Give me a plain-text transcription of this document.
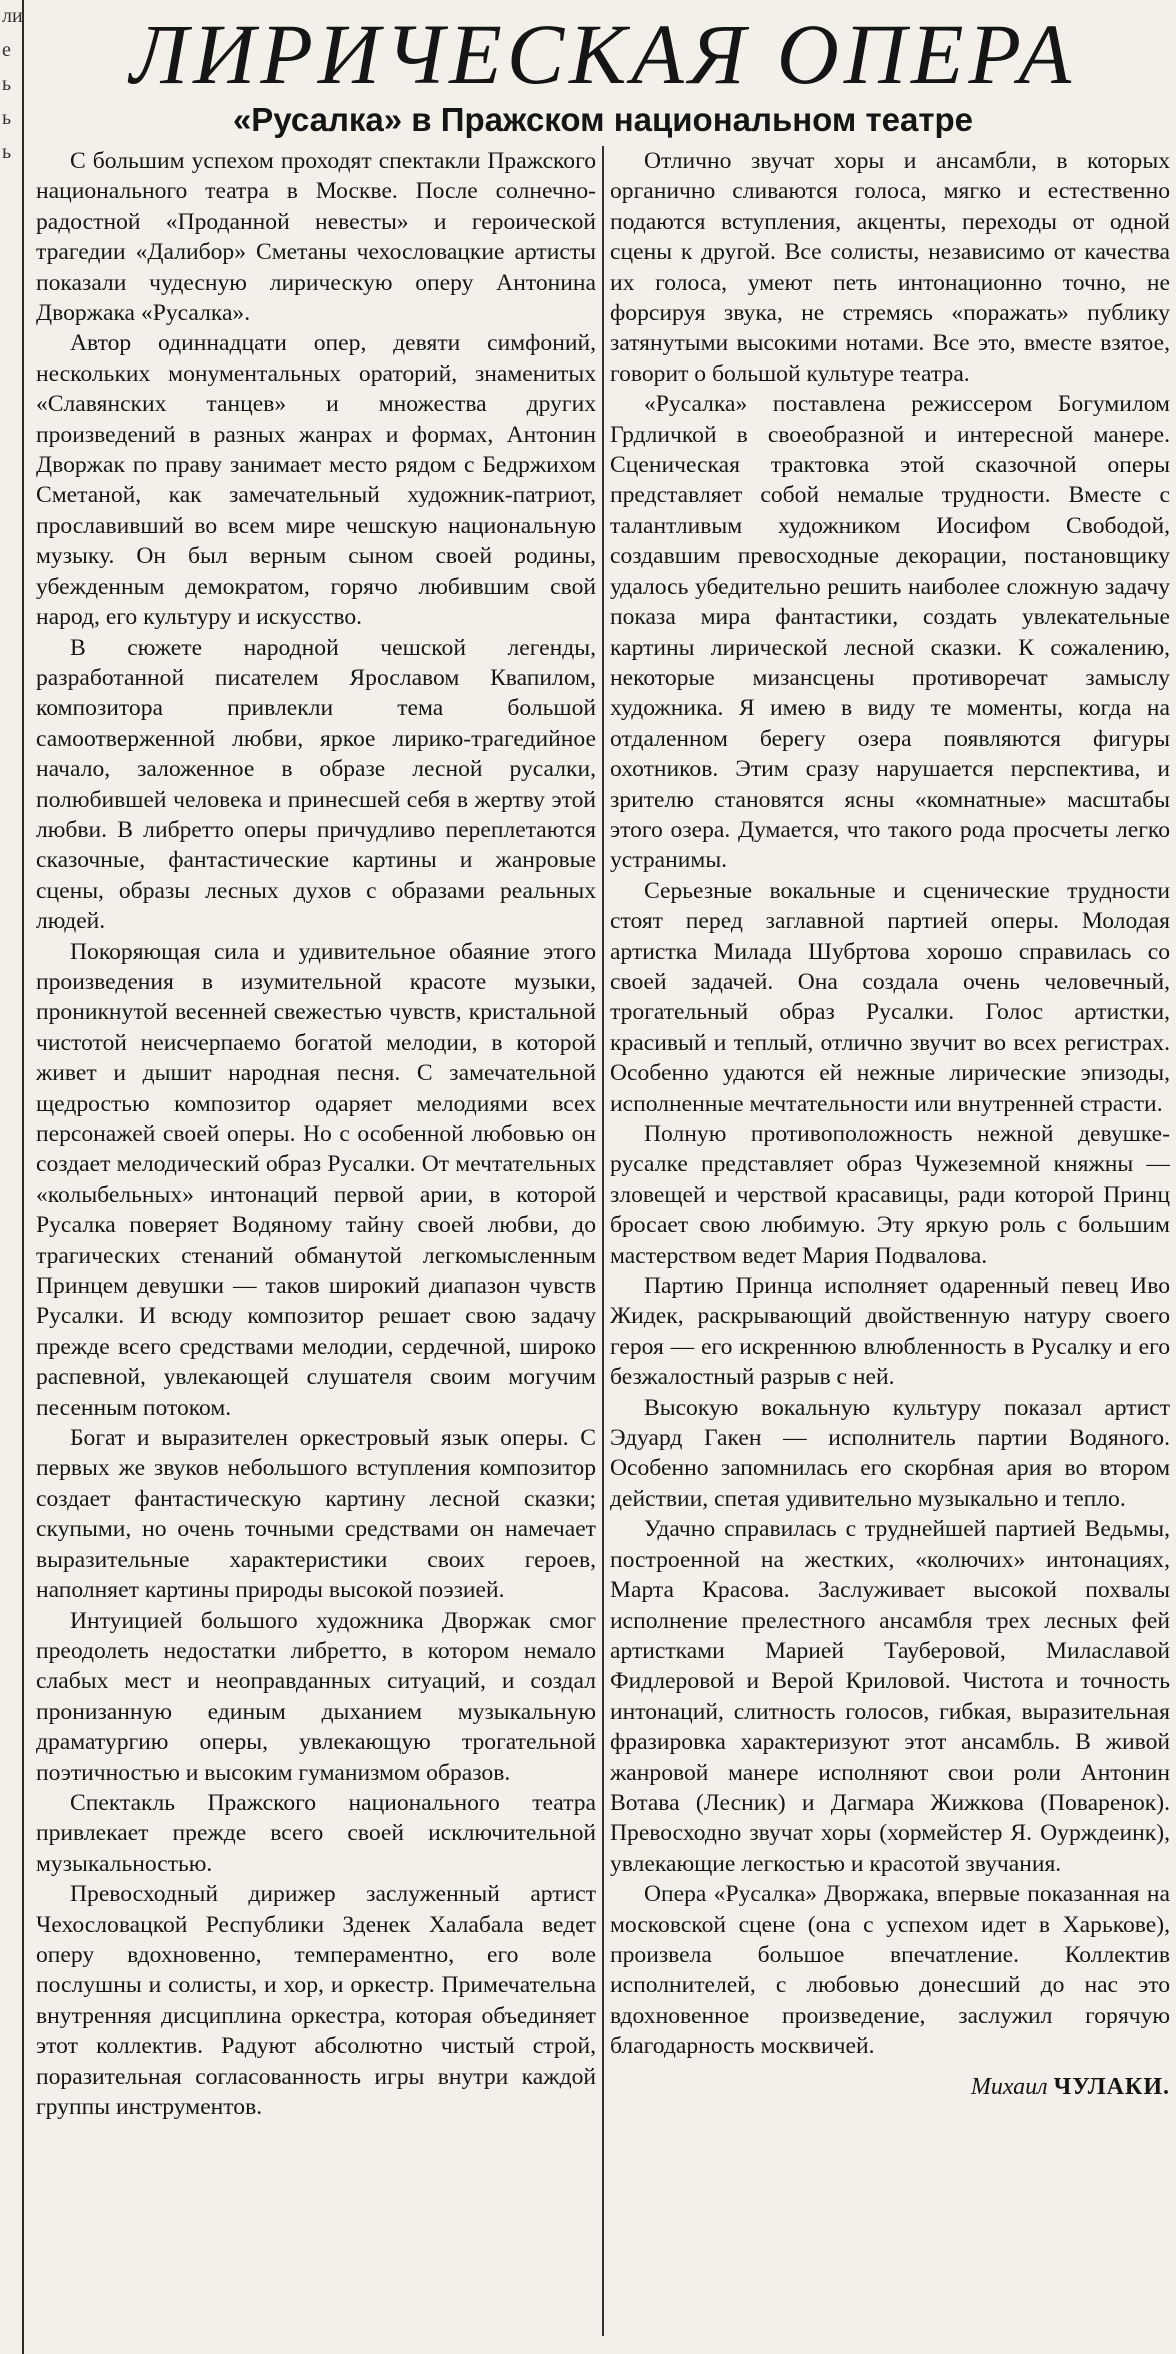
ли
е
ь
ь
ь
ЛИРИЧЕСКАЯ ОПЕРА
«Русалка» в Пражском национальном театре

С большим успехом проходят спектакли Пражского национального театра в Москве. После солнечно-радостной «Проданной невесты» и героической трагедии «Далибор» Сметаны чехословацкие артисты показали чудесную лирическую оперу Антонина Дворжака «Русалка».

Автор одиннадцати опер, девяти симфоний, нескольких монументальных ораторий, знаменитых «Славянских танцев» и множества других произведений в разных жанрах и формах, Антонин Дворжак по праву занимает место рядом с Бедржихом Сметаной, как замечательный художник-патриот, прославивший во всем мире чешскую национальную музыку. Он был верным сыном своей родины, убежденным демократом, горячо любившим свой народ, его культуру и искусство.

В сюжете народной чешской легенды, разработанной писателем Ярославом Квапилом, композитора привлекли тема большой самоотверженной любви, яркое лирико-трагедийное начало, заложенное в образе лесной русалки, полюбившей человека и принесшей себя в жертву этой любви. В либретто оперы причудливо переплетаются сказочные, фантастические картины и жанровые сцены, образы лесных духов с образами реальных людей.

Покоряющая сила и удивительное обаяние этого произведения в изумительной красоте музыки, проникнутой весенней свежестью чувств, кристальной чистотой неисчерпаемо богатой мелодии, в которой живет и дышит народная песня. С замечательной щедростью композитор одаряет мелодиями всех персонажей своей оперы. Но с особенной любовью он создает мелодический образ Русалки. От мечтательных «колыбельных» интонаций первой арии, в которой Русалка поверяет Водяному тайну своей любви, до трагических стенаний обманутой легкомысленным Принцем девушки — таков широкий диапазон чувств Русалки. И всюду композитор решает свою задачу прежде всего средствами мелодии, сердечной, широко распевной, увлекающей слушателя своим могучим песенным потоком.

Богат и выразителен оркестровый язык оперы. С первых же звуков небольшого вступления композитор создает фантастическую картину лесной сказки; скупыми, но очень точными средствами он намечает выразительные характеристики своих героев, наполняет картины природы высокой поэзией.

Интуицией большого художника Дворжак смог преодолеть недостатки либретто, в котором немало слабых мест и неоправданных ситуаций, и создал пронизанную единым дыханием музыкальную драматургию оперы, увлекающую трогательной поэтичностью и высоким гуманизмом образов.

Спектакль Пражского национального театра привлекает прежде всего своей исключительной музыкальностью.

Превосходный дирижер заслуженный артист Чехословацкой Республики Зденек Халабала ведет оперу вдохновенно, темпераментно, его воле послушны и солисты, и хор, и оркестр. Примечательна внутренняя дисциплина оркестра, которая объединяет этот коллектив. Радуют абсолютно чистый строй, поразительная согласованность игры внутри каждой группы инструментов.

Отлично звучат хоры и ансамбли, в которых органично сливаются голоса, мягко и естественно подаются вступления, акценты, переходы от одной сцены к другой. Все солисты, независимо от качества их голоса, умеют петь интонационно точно, не форсируя звука, не стремясь «поражать» публику затянутыми высокими нотами. Все это, вместе взятое, говорит о большой культуре театра.

«Русалка» поставлена режиссером Богумилом Грдличкой в своеобразной и интересной манере. Сценическая трактовка этой сказочной оперы представляет собой немалые трудности. Вместе с талантливым художником Иосифом Свободой, создавшим превосходные декорации, постановщику удалось убедительно решить наиболее сложную задачу показа мира фантастики, создать увлекательные картины лирической лесной сказки. К сожалению, некоторые мизансцены противоречат замыслу художника. Я имею в виду те моменты, когда на отдаленном берегу озера появляются фигуры охотников. Этим сразу нарушается перспектива, и зрителю становятся ясны «комнатные» масштабы этого озера. Думается, что такого рода просчеты легко устранимы.

Серьезные вокальные и сценические трудности стоят перед заглавной партией оперы. Молодая артистка Милада Шубртова хорошо справилась со своей задачей. Она создала очень человечный, трогательный образ Русалки. Голос артистки, красивый и теплый, отлично звучит во всех регистрах. Особенно удаются ей нежные лирические эпизоды, исполненные мечтательности или внутренней страсти.

Полную противоположность нежной девушке-русалке представляет образ Чужеземной княжны — зловещей и черствой красавицы, ради которой Принц бросает свою любимую. Эту яркую роль с большим мастерством ведет Мария Подвалова.

Партию Принца исполняет одаренный певец Иво Жидек, раскрывающий двойственную натуру своего героя — его искреннюю влюбленность в Русалку и его безжалостный разрыв с ней.

Высокую вокальную культуру показал артист Эдуард Гакен — исполнитель партии Водяного. Особенно запомнилась его скорбная ария во втором действии, спетая удивительно музыкально и тепло.

Удачно справилась с труднейшей партией Ведьмы, построенной на жестких, «колючих» интонациях, Марта Красова. Заслуживает высокой похвалы исполнение прелестного ансамбля трех лесных фей артистками Марией Тауберовой, Милаславой Фидлеровой и Верой Криловой. Чистота и точность интонаций, слитность голосов, гибкая, выразительная фразировка характеризуют этот ансамбль. В живой жанровой манере исполняют свои роли Антонин Вотава (Лесник) и Дагмара Жижкова (Поваренок). Превосходно звучат хоры (хормейстер Я. Оурждеинк), увлекающие легкостью и красотой звучания.

Опера «Русалка» Дворжака, впервые показанная на московской сцене (она с успехом идет в Харькове), произвела большое впечатление. Коллектив исполнителей, с любовью донесший до нас это вдохновенное произведение, заслужил горячую благодарность москвичей.

Михаил ЧУЛАКИ.
